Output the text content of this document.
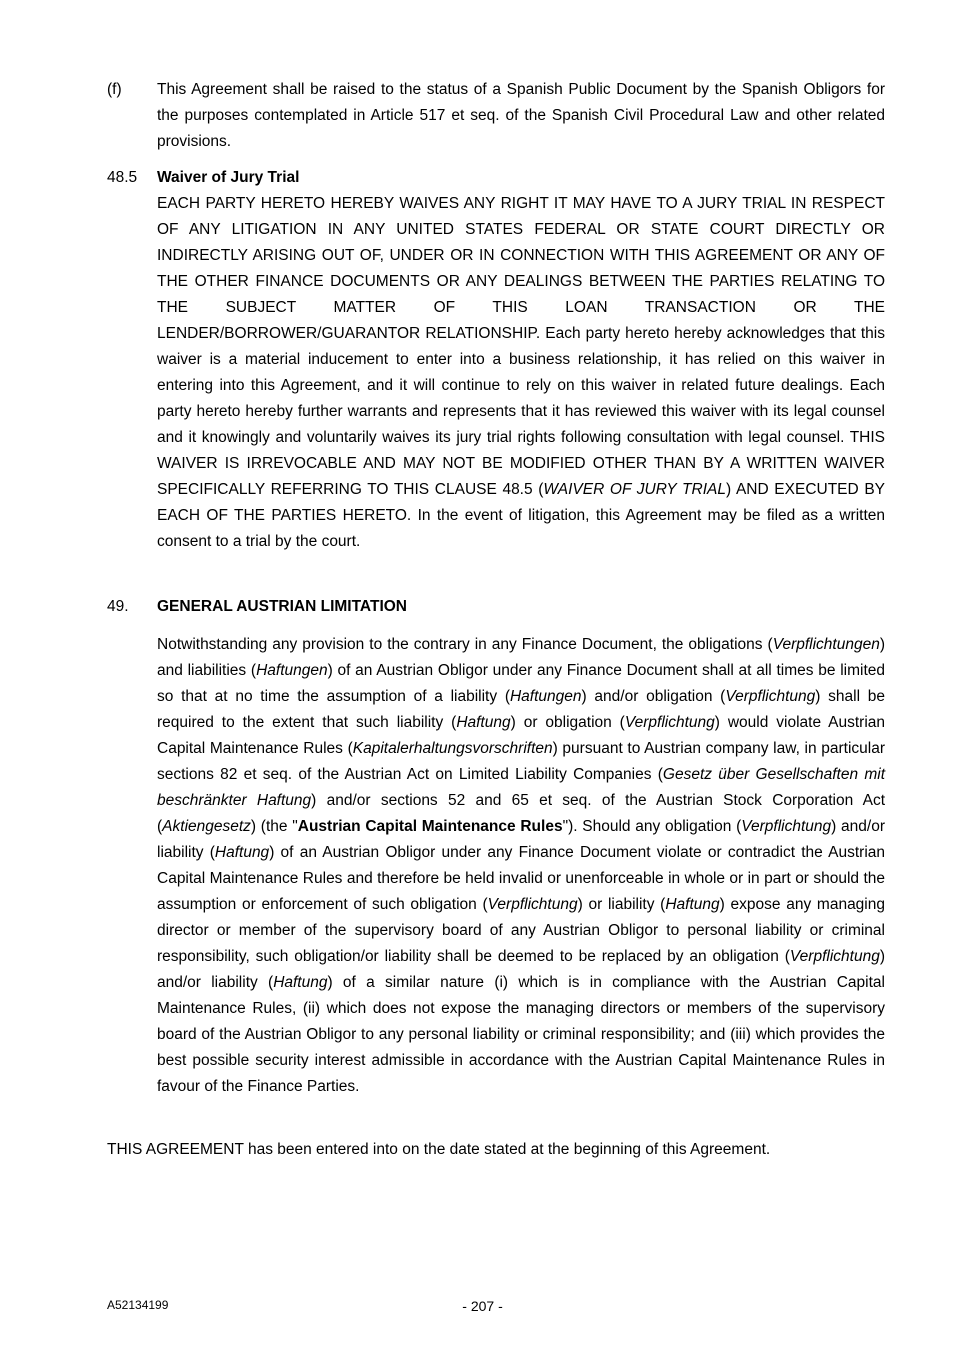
(f)	This Agreement shall be raised to the status of a Spanish Public Document by the Spanish Obligors for the purposes contemplated in Article 517 et seq. of the Spanish Civil Procedural Law and other related provisions.
48.5	Waiver of Jury Trial
EACH PARTY HERETO HEREBY WAIVES ANY RIGHT IT MAY HAVE TO A JURY TRIAL IN RESPECT OF ANY LITIGATION IN ANY UNITED STATES FEDERAL OR STATE COURT DIRECTLY OR INDIRECTLY ARISING OUT OF, UNDER OR IN CONNECTION WITH THIS AGREEMENT OR ANY OF THE OTHER FINANCE DOCUMENTS OR ANY DEALINGS BETWEEN THE PARTIES RELATING TO THE SUBJECT MATTER OF THIS LOAN TRANSACTION OR THE LENDER/BORROWER/GUARANTOR RELATIONSHIP. Each party hereto hereby acknowledges that this waiver is a material inducement to enter into a business relationship, it has relied on this waiver in entering into this Agreement, and it will continue to rely on this waiver in related future dealings. Each party hereto hereby further warrants and represents that it has reviewed this waiver with its legal counsel and it knowingly and voluntarily waives its jury trial rights following consultation with legal counsel. THIS WAIVER IS IRREVOCABLE AND MAY NOT BE MODIFIED OTHER THAN BY A WRITTEN WAIVER SPECIFICALLY REFERRING TO THIS CLAUSE 48.5 (WAIVER OF JURY TRIAL) AND EXECUTED BY EACH OF THE PARTIES HERETO. In the event of litigation, this Agreement may be filed as a written consent to a trial by the court.
49.	GENERAL AUSTRIAN LIMITATION
Notwithstanding any provision to the contrary in any Finance Document, the obligations (Verpflichtungen) and liabilities (Haftungen) of an Austrian Obligor under any Finance Document shall at all times be limited so that at no time the assumption of a liability (Haftungen) and/or obligation (Verpflichtung) shall be required to the extent that such liability (Haftung) or obligation (Verpflichtung) would violate Austrian Capital Maintenance Rules (Kapitalerhaltungsvorschriften) pursuant to Austrian company law, in particular sections 82 et seq. of the Austrian Act on Limited Liability Companies (Gesetz über Gesellschaften mit beschränkter Haftung) and/or sections 52 and 65 et seq. of the Austrian Stock Corporation Act (Aktiengesetz) (the "Austrian Capital Maintenance Rules"). Should any obligation (Verpflichtung) and/or liability (Haftung) of an Austrian Obligor under any Finance Document violate or contradict the Austrian Capital Maintenance Rules and therefore be held invalid or unenforceable in whole or in part or should the assumption or enforcement of such obligation (Verpflichtung) or liability (Haftung) expose any managing director or member of the supervisory board of any Austrian Obligor to personal liability or criminal responsibility, such obligation/or liability shall be deemed to be replaced by an obligation (Verpflichtung) and/or liability (Haftung) of a similar nature (i) which is in compliance with the Austrian Capital Maintenance Rules, (ii) which does not expose the managing directors or members of the supervisory board of the Austrian Obligor to any personal liability or criminal responsibility; and (iii) which provides the best possible security interest admissible in accordance with the Austrian Capital Maintenance Rules in favour of the Finance Parties.
THIS AGREEMENT has been entered into on the date stated at the beginning of this Agreement.
A52134199	- 207 -
